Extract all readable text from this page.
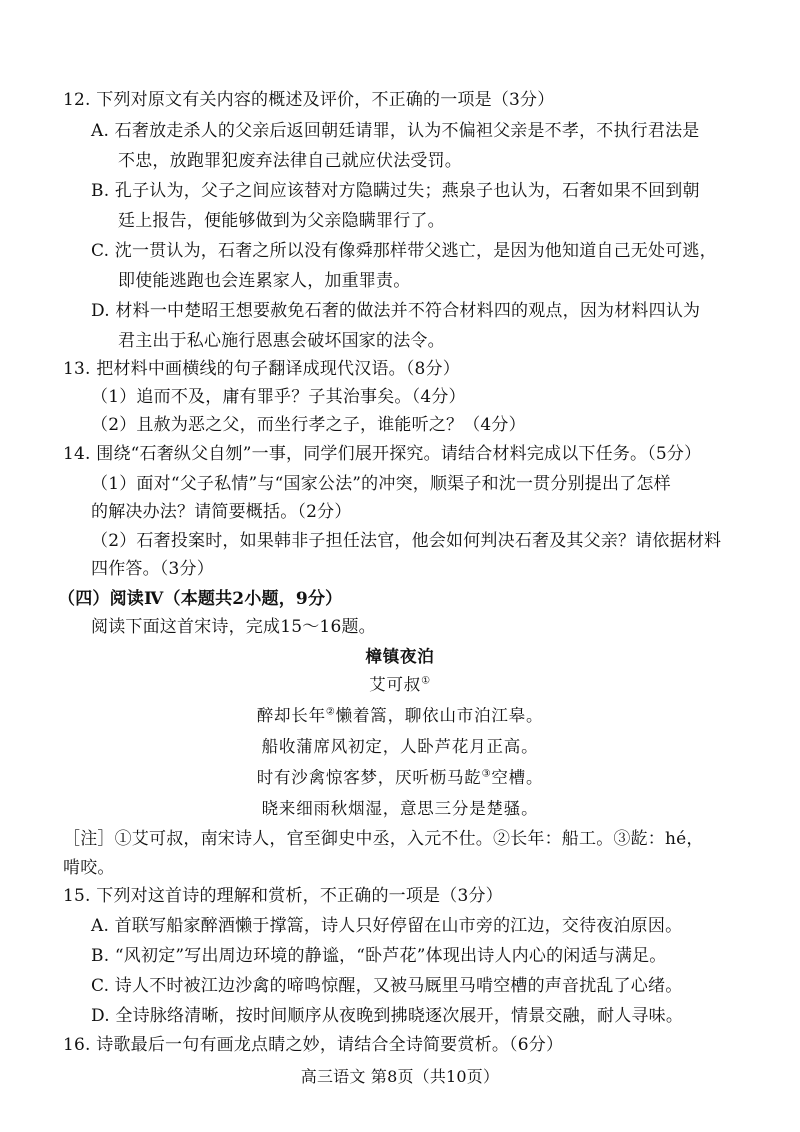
12. 下列对原文有关内容的概述及评价，不正确的一项是（3分）
A. 石奢放走杀人的父亲后返回朝廷请罪，认为不偏袒父亲是不孝，不执行君法是
不忠，放跑罪犯废弃法律自己就应伏法受罚。
B. 孔子认为，父子之间应该替对方隐瞒过失；燕泉子也认为，石奢如果不回到朝
廷上报告，便能够做到为父亲隐瞒罪行了。
C. 沈一贯认为，石奢之所以没有像舜那样带父逃亡，是因为他知道自己无处可逃，
即使能逃跑也会连累家人，加重罪责。
D. 材料一中楚昭王想要赦免石奢的做法并不符合材料四的观点，因为材料四认为
君主出于私心施行恩惠会破坏国家的法令。
13. 把材料中画横线的句子翻译成现代汉语。（8分）
（1）追而不及，庸有罪乎？子其治事矣。（4分）
（2）且赦为恶之父，而坐行孝之子，谁能听之？（4分）
14. 围绕“石奢纵父自刎”一事，同学们展开探究。请结合材料完成以下任务。（5分）
（1）面对“父子私情”与“国家公法”的冲突，顺渠子和沈一贯分别提出了怎样
的解决办法？请简要概括。（2分）
（2）石奢投案时，如果韩非子担任法官，他会如何判决石奢及其父亲？请依据材料
四作答。（3分）
（四）阅读Ⅳ（本题共2小题，9分）
阅读下面这首宋诗，完成15～16题。
樟镇夜泊
艾可叔①
醉却长年②懒着篙，聊依山市泊江皋。
船收蒲席风初定，人卧芦花月正高。
时有沙禽惊客梦，厌听枥马龁③空槽。
晓来细雨秋烟湿，意思三分是楚骚。
［注］①艾可叔，南宋诗人，官至御史中丞，入元不仕。②长年：船工。③龁：hé，
啃咬。
15. 下列对这首诗的理解和赏析，不正确的一项是（3分）
A. 首联写船家醉酒懒于撑篙，诗人只好停留在山市旁的江边，交待夜泊原因。
B. “风初定”写出周边环境的静谧，“卧芦花”体现出诗人内心的闲适与满足。
C. 诗人不时被江边沙禽的啼鸣惊醒，又被马厩里马啃空槽的声音扰乱了心绪。
D. 全诗脉络清晰，按时间顺序从夜晚到拂晓逐次展开，情景交融，耐人寻味。
16. 诗歌最后一句有画龙点睛之妙，请结合全诗简要赏析。（6分）
高三语文 第8页（共10页）
